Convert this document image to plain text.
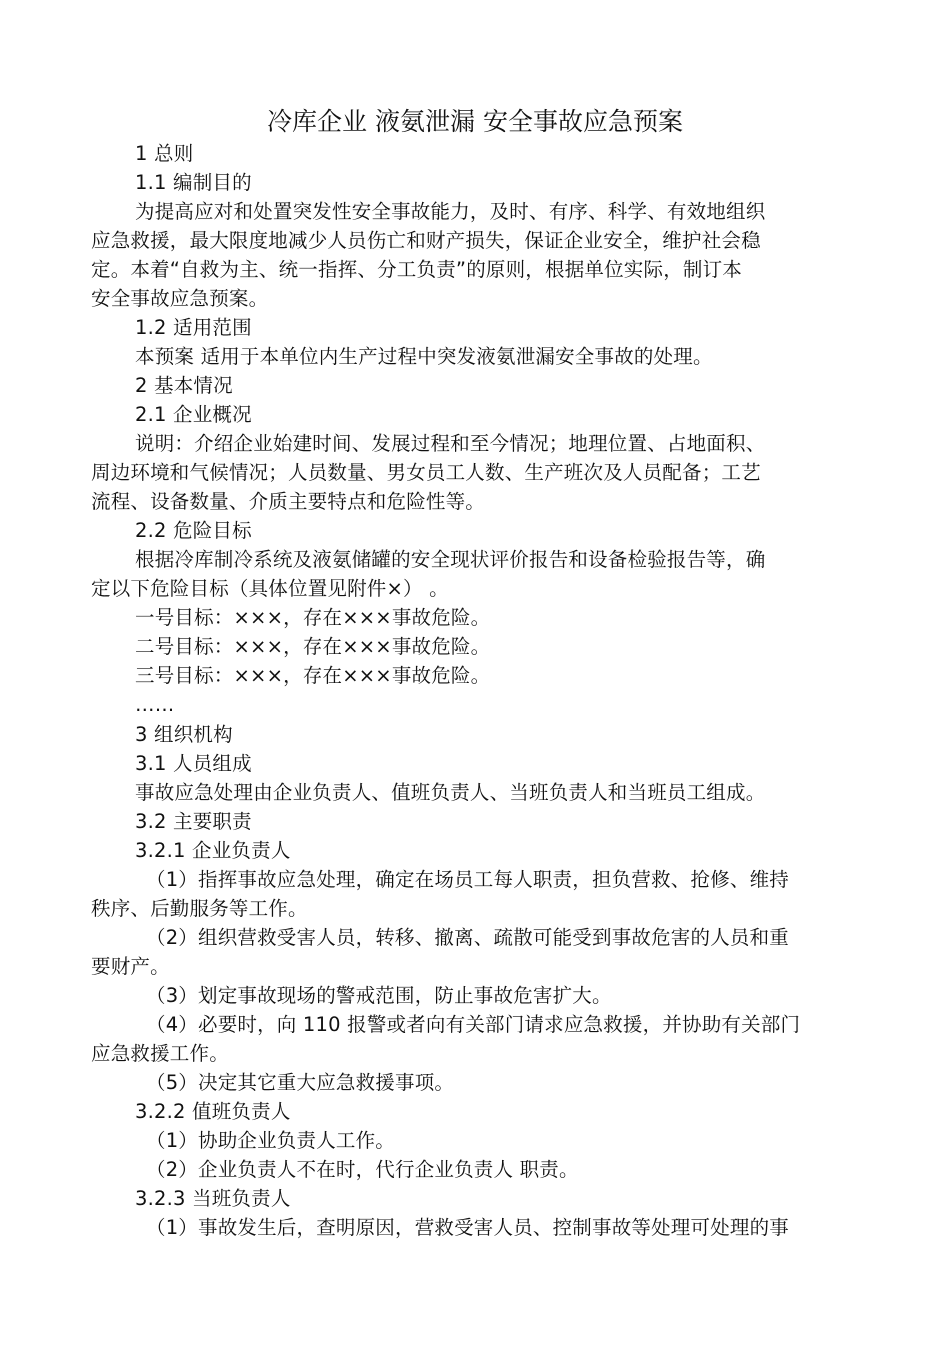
冷库企业 液氨泄漏 安全事故应急预案
1 总则
1.1 编制目的
为提高应对和处置突发性安全事故能力，及时、有序、科学、有效地组织
应急救援，最大限度地减少人员伤亡和财产损失，保证企业安全，维护社会稳
定。本着“自救为主、统一指挥、分工负责”的原则，根据单位实际，制订本
安全事故应急预案。
1.2 适用范围
本预案 适用于本单位内生产过程中突发液氨泄漏安全事故的处理。
2 基本情况
2.1 企业概况
说明：介绍企业始建时间、发展过程和至今情况；地理位置、占地面积、
周边环境和气候情况；人员数量、男女员工人数、生产班次及人员配备；工艺
流程、设备数量、介质主要特点和危险性等。
2.2 危险目标
根据冷库制冷系统及液氨储罐的安全现状评价报告和设备检验报告等，确
定以下危险目标（具体位置见附件×） 。
一号目标：×××，存在×××事故危险。
二号目标：×××，存在×××事故危险。
三号目标：×××，存在×××事故危险。
……
3 组织机构
3.1 人员组成
事故应急处理由企业负责人、值班负责人、当班负责人和当班员工组成。
3.2 主要职责
3.2.1 企业负责人
（1）指挥事故应急处理，确定在场员工每人职责，担负营救、抢修、维持
秩序、后勤服务等工作。
（2）组织营救受害人员，转移、撤离、疏散可能受到事故危害的人员和重
要财产。
（3）划定事故现场的警戒范围，防止事故危害扩大。
（4）必要时，向 110 报警或者向有关部门请求应急救援，并协助有关部门
应急救援工作。
（5）决定其它重大应急救援事项。
3.2.2 值班负责人
（1）协助企业负责人工作。
（2）企业负责人不在时，代行企业负责人 职责。
3.2.3 当班负责人
（1）事故发生后，查明原因，营救受害人员、控制事故等处理可处理的事
